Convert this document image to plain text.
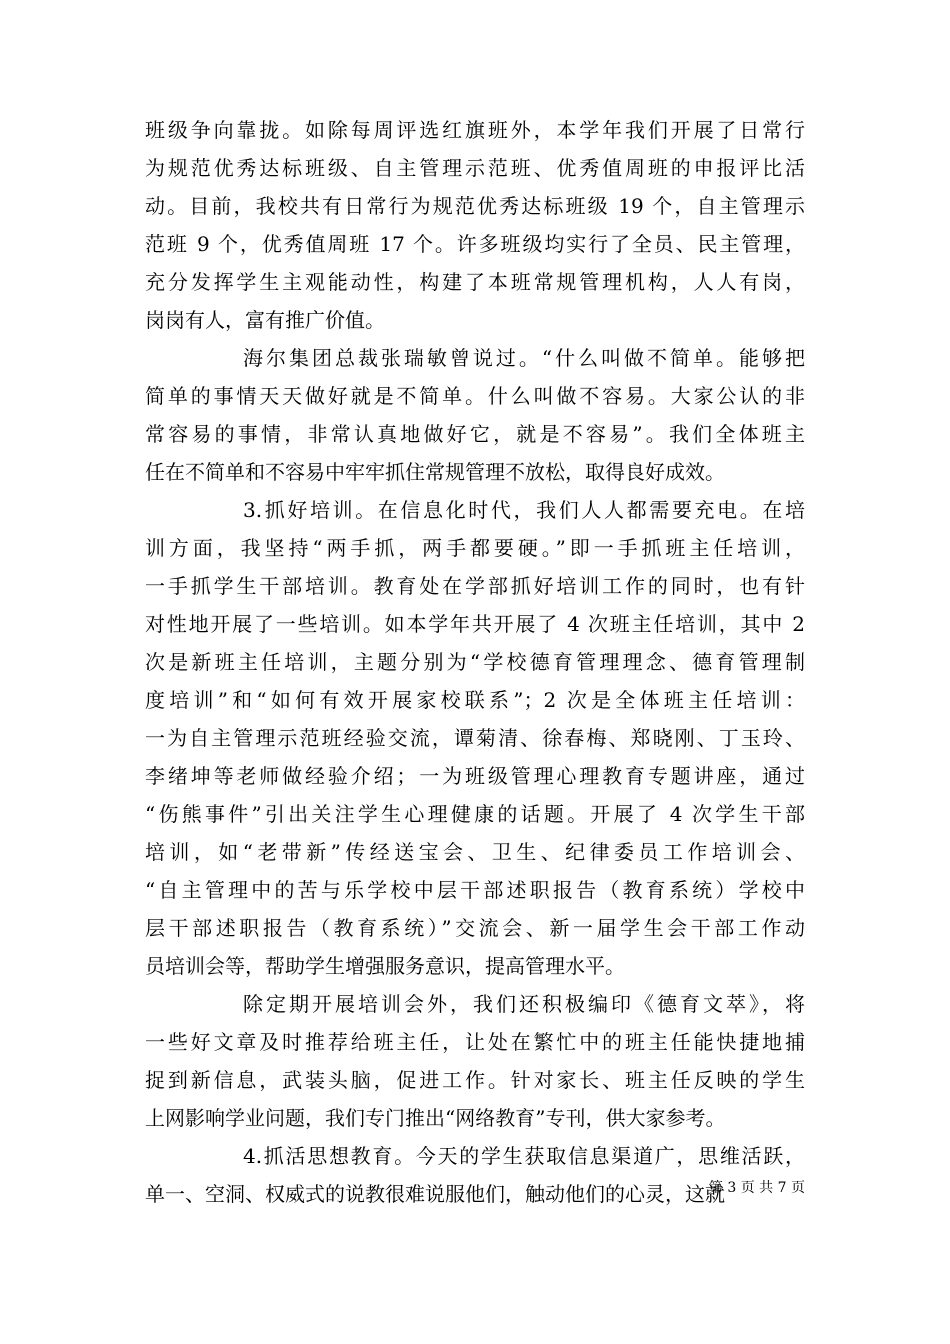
班级争向靠拢。如除每周评选红旗班外，本学年我们开展了日常行
为规范优秀达标班级、自主管理示范班、优秀值周班的申报评比活
动。目前，我校共有日常行为规范优秀达标班级 19 个，自主管理示
范班 9 个，优秀值周班 17 个。许多班级均实行了全员、民主管理，
充分发挥学生主观能动性，构建了本班常规管理机构，人人有岗，
岗岗有人，富有推广价值。
海尔集团总裁张瑞敏曾说过。“什么叫做不简单。能够把
简单的事情天天做好就是不简单。什么叫做不容易。大家公认的非
常容易的事情，非常认真地做好它，就是不容易”。我们全体班主
任在不简单和不容易中牢牢抓住常规管理不放松，取得良好成效。
3.抓好培训。在信息化时代，我们人人都需要充电。在培
训方面，我坚持“两手抓，两手都要硬。”即一手抓班主任培训，
一手抓学生干部培训。教育处在学部抓好培训工作的同时，也有针
对性地开展了一些培训。如本学年共开展了 4 次班主任培训，其中 2
次是新班主任培训，主题分别为“学校德育管理理念、德育管理制
度培训”和“如何有效开展家校联系”；2 次是全体班主任培训：
一为自主管理示范班经验交流，谭菊清、徐春梅、郑晓刚、丁玉玲、
李绪坤等老师做经验介绍；一为班级管理心理教育专题讲座，通过
“伤熊事件”引出关注学生心理健康的话题。开展了 4 次学生干部
培训，如“老带新”传经送宝会、卫生、纪律委员工作培训会、
“自主管理中的苦与乐学校中层干部述职报告（教育系统）学校中
层干部述职报告（教育系统）”交流会、新一届学生会干部工作动
员培训会等，帮助学生增强服务意识，提高管理水平。
除定期开展培训会外，我们还积极编印《德育文萃》，将
一些好文章及时推荐给班主任，让处在繁忙中的班主任能快捷地捕
捉到新信息，武装头脑，促进工作。针对家长、班主任反映的学生
上网影响学业问题，我们专门推出“网络教育”专刊，供大家参考。
4.抓活思想教育。今天的学生获取信息渠道广，思维活跃，
单一、空洞、权威式的说教很难说服他们，触动他们的心灵，这就
第 3 页 共 7 页
